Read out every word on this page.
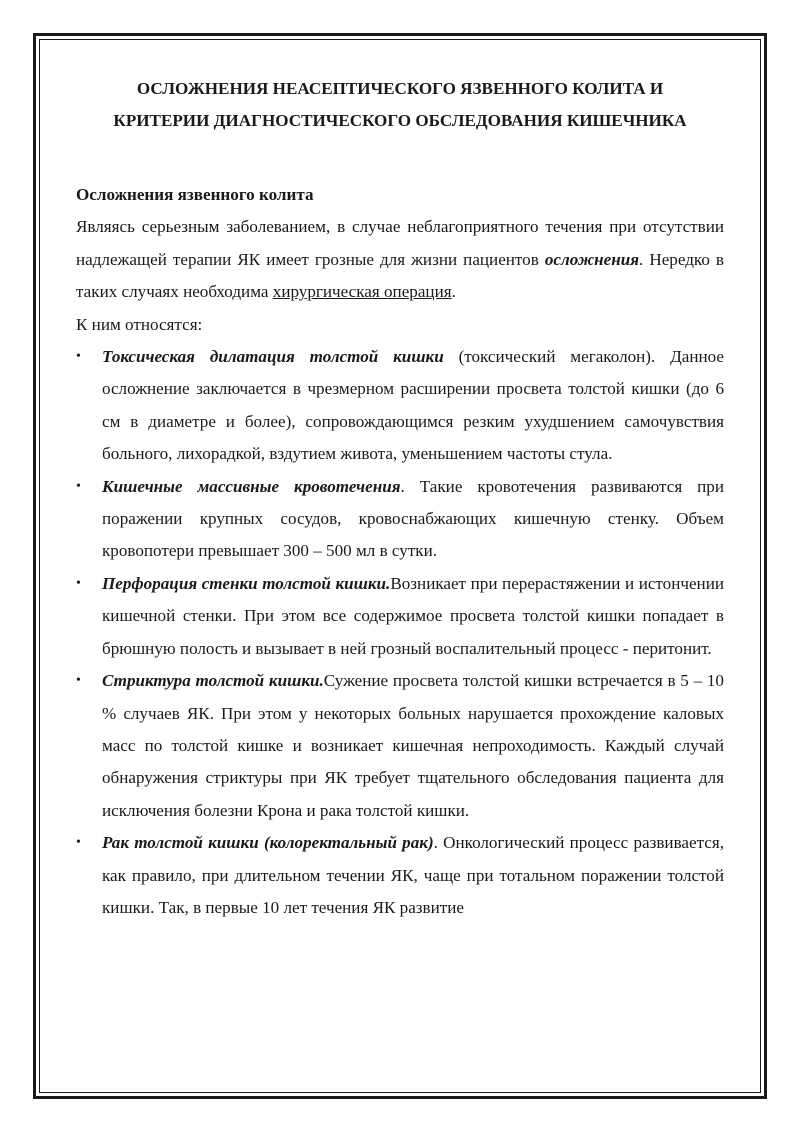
ОСЛОЖНЕНИЯ НЕАСЕПТИЧЕСКОГО ЯЗВЕННОГО КОЛИТА И
КРИТЕРИИ ДИАГНОСТИЧЕСКОГО ОБСЛЕДОВАНИЯ КИШЕЧНИКА
Осложнения язвенного колита

Являясь серьезным заболеванием, в случае неблагоприятного течения при отсутствии надлежащей терапии ЯК имеет грозные для жизни пациентов осложнения. Нередко в таких случаях необходима хирургическая операция.

К ним относятся:

• Токсическая дилатация толстой кишки (токсический мегаколон). Данное осложнение заключается в чрезмерном расширении просвета толстой кишки (до 6 см в диаметре и более), сопровождающимся резким ухудшением самочувствия больного, лихорадкой, вздутием живота, уменьшением частоты стула.
• Кишечные массивные кровотечения. Такие кровотечения развиваются при поражении крупных сосудов, кровоснабжающих кишечную стенку. Объем кровопотери превышает 300 – 500 мл в сутки.
• Перфорация стенки толстой кишки.Возникает при перерастяжении и истончении кишечной стенки. При этом все содержимое просвета толстой кишки попадает в брюшную полость и вызывает в ней грозный воспалительный процесс - перитонит.
• Стриктура толстой кишки.Сужение просвета толстой кишки встречается в 5 – 10 % случаев ЯК. При этом у некоторых больных нарушается прохождение каловых масс по толстой кишке и возникает кишечная непроходимость. Каждый случай обнаружения стриктуры при ЯК требует тщательного обследования пациента для исключения болезни Крона и рака толстой кишки.
• Рак толстой кишки (колоректальный рак). Онкологический процесс развивается, как правило, при длительном течении ЯК, чаще при тотальном поражении толстой кишки. Так, в первые 10 лет течения ЯК развитие
